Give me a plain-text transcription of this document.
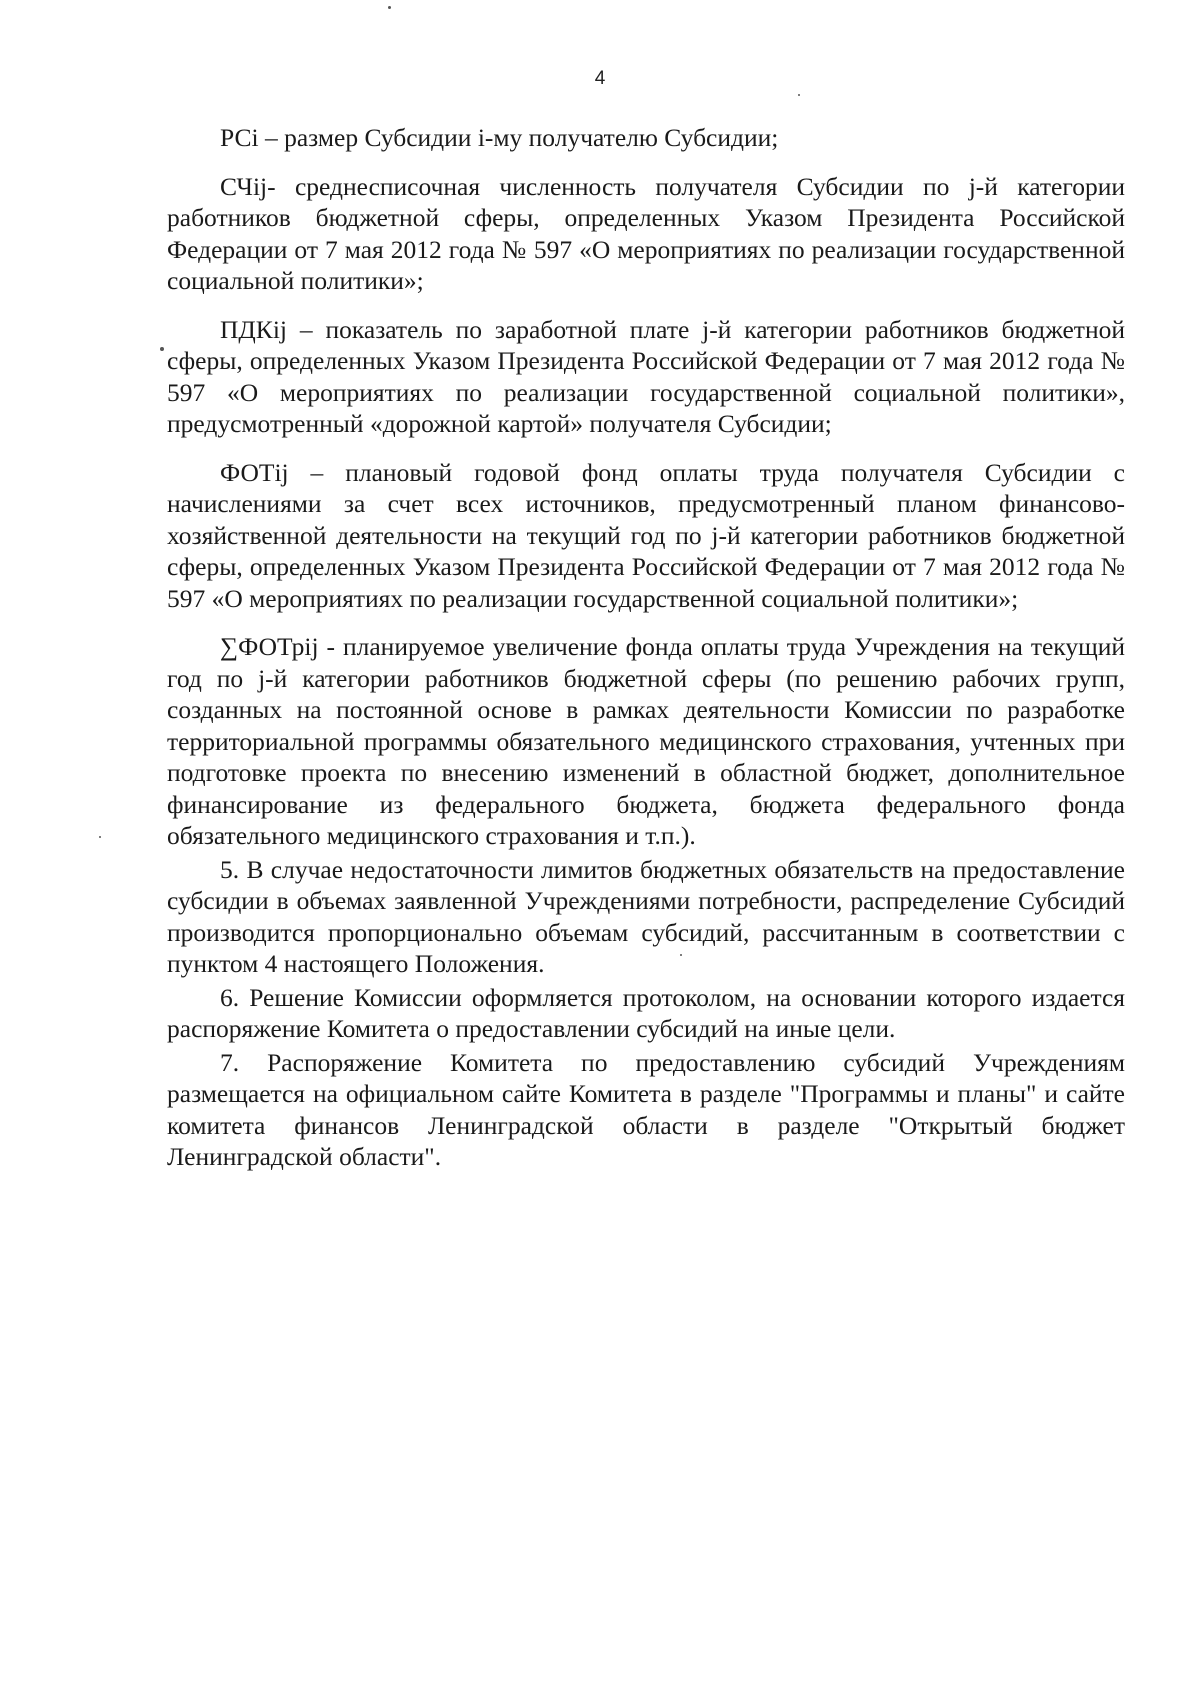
4

РСi – размер Субсидии i-му получателю Субсидии;

СЧij- среднесписочная численность получателя Субсидии по j-й категории работников бюджетной сферы, определенных Указом Президента Российской Федерации от 7 мая 2012 года № 597 «О мероприятиях по реализации государственной социальной политики»;

ПДКij – показатель по заработной плате j-й категории работников бюджетной сферы, определенных Указом Президента Российской Федерации от 7 мая 2012 года № 597 «О мероприятиях по реализации государственной социальной политики», предусмотренный «дорожной картой» получателя Субсидии;

ФОТij – плановый годовой фонд оплаты труда получателя Субсидии с начислениями за счет всех источников, предусмотренный планом финансово-хозяйственной деятельности на текущий год по j-й категории работников бюджетной сферы, определенных Указом Президента Российской Федерации от 7 мая 2012 года № 597 «О мероприятиях по реализации государственной социальной политики»;

∑ФОТрij - планируемое увеличение фонда оплаты труда Учреждения на текущий год по j-й категории работников бюджетной сферы (по решению рабочих групп, созданных на постоянной основе в рамках деятельности Комиссии по разработке территориальной программы обязательного медицинского страхования, учтенных при подготовке проекта по внесению изменений в областной бюджет, дополнительное финансирование из федерального бюджета, бюджета федерального фонда обязательного медицинского страхования и т.п.).

5. В случае недостаточности лимитов бюджетных обязательств на предоставление субсидии в объемах заявленной Учреждениями потребности, распределение Субсидий производится пропорционально объемам субсидий, рассчитанным в соответствии с пунктом 4 настоящего Положения.

6. Решение Комиссии оформляется протоколом, на основании которого издается распоряжение Комитета о предоставлении субсидий на иные цели.

7. Распоряжение Комитета по предоставлению субсидий Учреждениям размещается на официальном сайте Комитета в разделе "Программы и планы" и сайте комитета финансов Ленинградской области в разделе "Открытый бюджет Ленинградской области".
